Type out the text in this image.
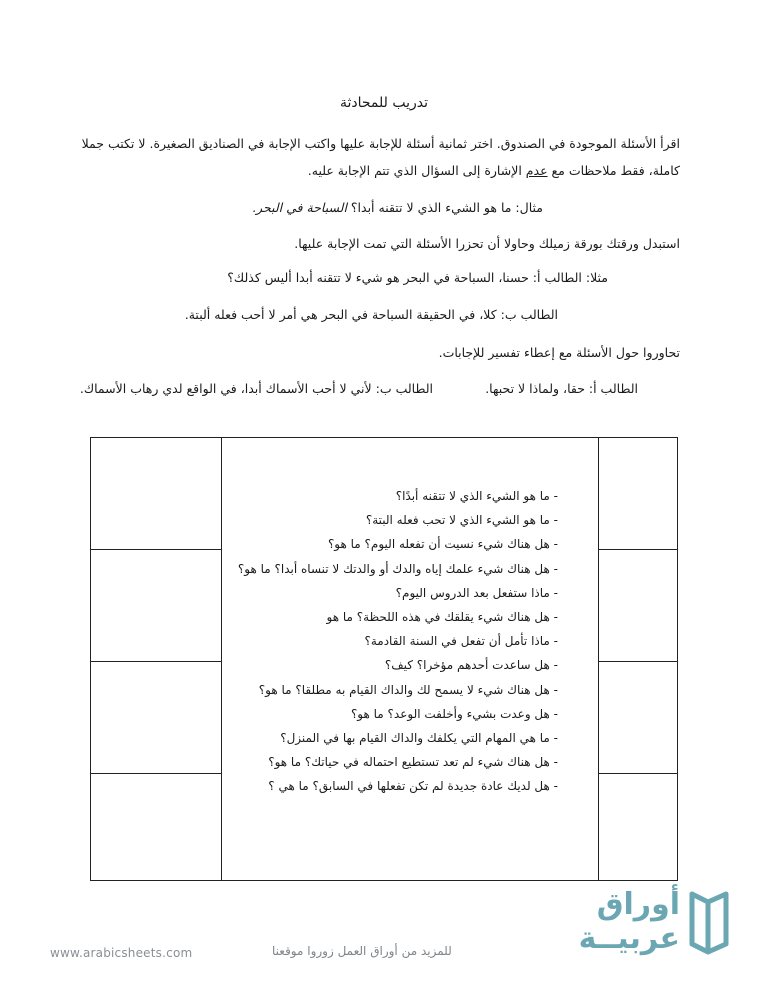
تدريب للمحادثة
اقرأ الأسئلة الموجودة في الصندوق. اختر ثمانية أسئلة للإجابة عليها واكتب الإجابة في الصناديق الصغيرة. لا تكتب جملا
كاملة، فقط ملاحظات مع عدم الإشارة إلى السؤال الذي تتم الإجابة عليه.
مثال: ما هو الشيء الذي لا تتقنه أبدا؟ السباحة في البحر.
استبدل ورقتك بورقة زميلك وحاولا أن تحزرا الأسئلة التي تمت الإجابة عليها.
مثلا: الطالب أ: حسنا، السباحة في البحر هو شيء لا تتقنه أبدا أليس كذلك؟
الطالب ب: كلا، في الحقيقة السباحة في البحر هي أمر لا أحب فعله ألبتة.
تحاوروا حول الأسئلة مع إعطاء تفسير للإجابات.
الطالب أ: حقا، ولماذا لا تحبها.
الطالب ب: لأني لا أحب الأسماك أبدا، في الواقع لدي رهاب الأسماك.
- ما هو الشيء الذي لا تتقنه أبدًا؟
- ما هو الشيء الذي لا تحب فعله البتة؟
- هل هناك شيء نسيت أن تفعله اليوم؟ ما هو؟
- هل هناك شيء علمك إياه والدك أو والدتك لا تنساه أبدا؟ ما هو؟
- ماذا ستفعل بعد الدروس اليوم؟
- هل هناك شيء يقلقك في هذه اللحظة؟ ما هو
- ماذا تأمل أن تفعل في السنة القادمة؟
- هل ساعدت أحدهم مؤخرا؟ كيف؟
- هل هناك شيء لا يسمح لك والداك القيام به مطلقا؟ ما هو؟
- هل وعدت بشيء وأخلفت الوعد؟ ما هو؟
- ما هي المهام التي يكلفك والداك القيام بها في المنزل؟
- هل هناك شيء لم تعد تستطيع احتماله في حياتك؟ ما هو؟
- هل لديك عادة جديدة لم تكن تفعلها في السابق؟ ما هي ؟
www.arabicsheets.com	للمزيد من أوراق العمل زوروا موقعنا
أوراق
عربيــة
